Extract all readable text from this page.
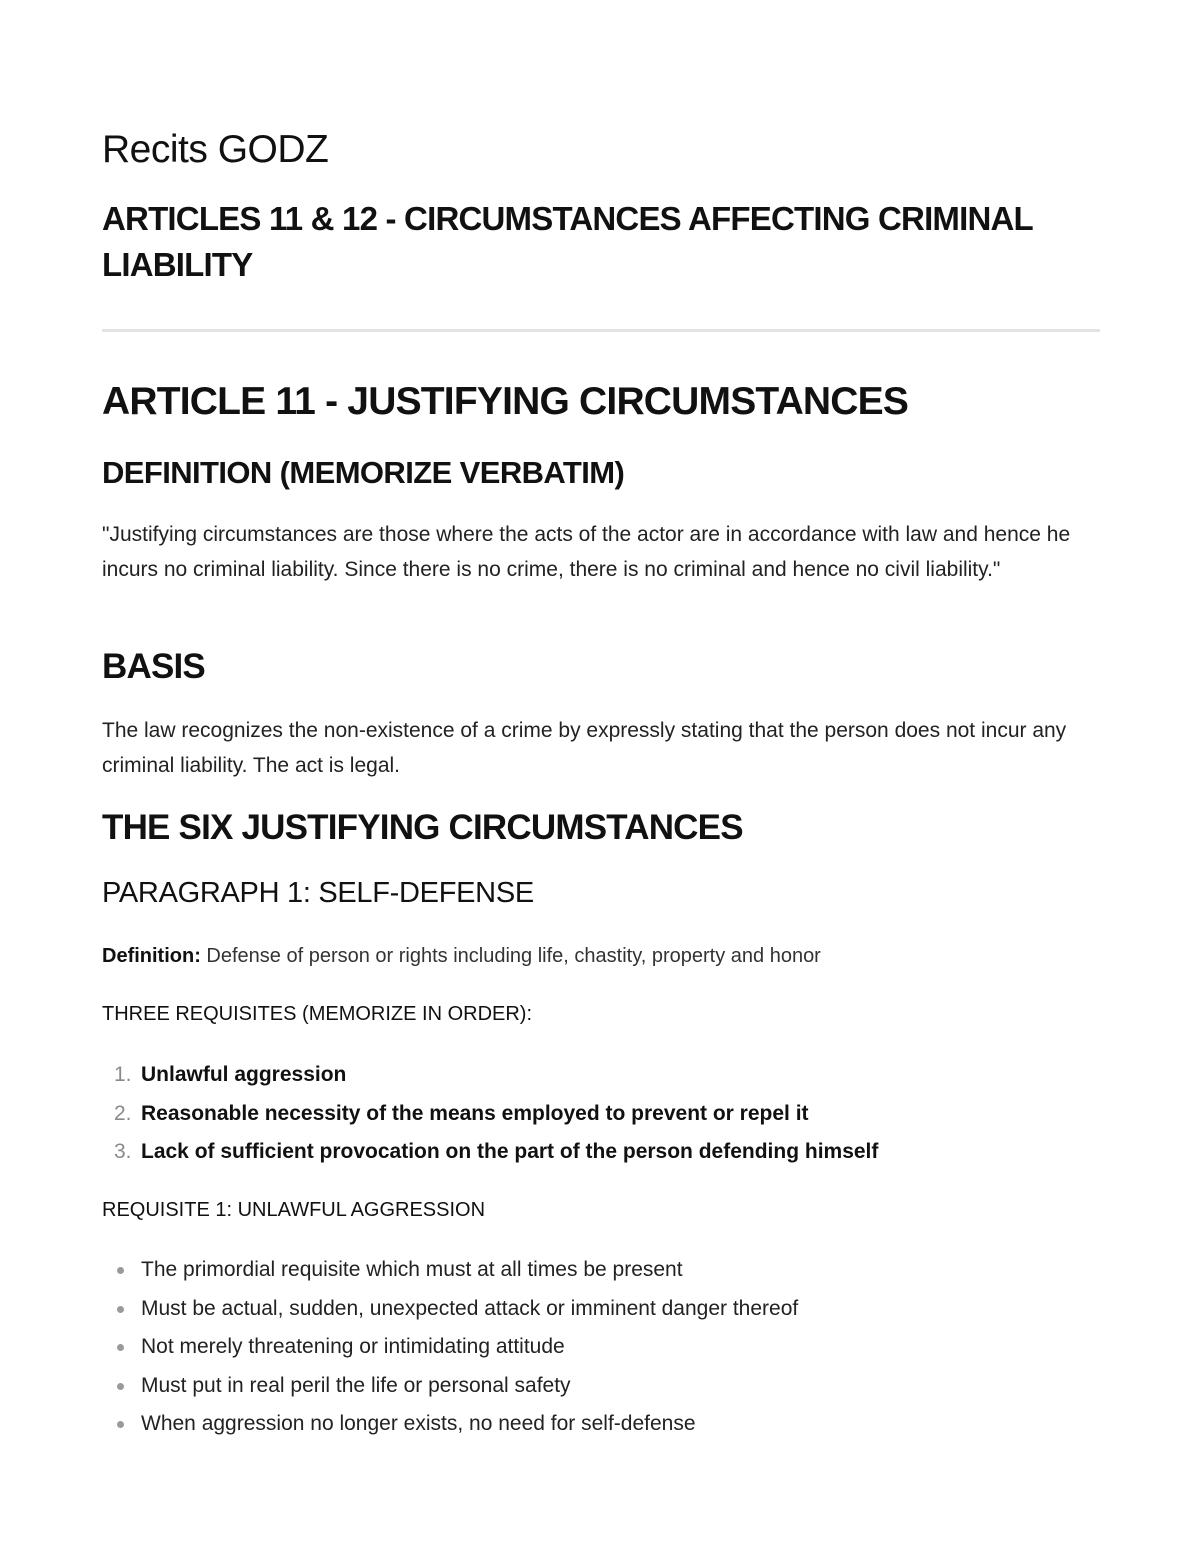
Recits GODZ
ARTICLES 11 & 12 - CIRCUMSTANCES AFFECTING CRIMINAL LIABILITY
ARTICLE 11 - JUSTIFYING CIRCUMSTANCES
DEFINITION (MEMORIZE VERBATIM)

"Justifying circumstances are those where the acts of the actor are in accordance with law and hence he incurs no criminal liability. Since there is no crime, there is no criminal and hence no civil liability."

BASIS

The law recognizes the non-existence of a crime by expressly stating that the person does not incur any criminal liability. The act is legal.

THE SIX JUSTIFYING CIRCUMSTANCES
PARAGRAPH 1: SELF-DEFENSE

Definition: Defense of person or rights including life, chastity, property and honor

THREE REQUISITES (MEMORIZE IN ORDER):

1. Unlawful aggression
2. Reasonable necessity of the means employed to prevent or repel it
3. Lack of sufficient provocation on the part of the person defending himself

REQUISITE 1: UNLAWFUL AGGRESSION

The primordial requisite which must at all times be present
Must be actual, sudden, unexpected attack or imminent danger thereof
Not merely threatening or intimidating attitude
Must put in real peril the life or personal safety
When aggression no longer exists, no need for self-defense
